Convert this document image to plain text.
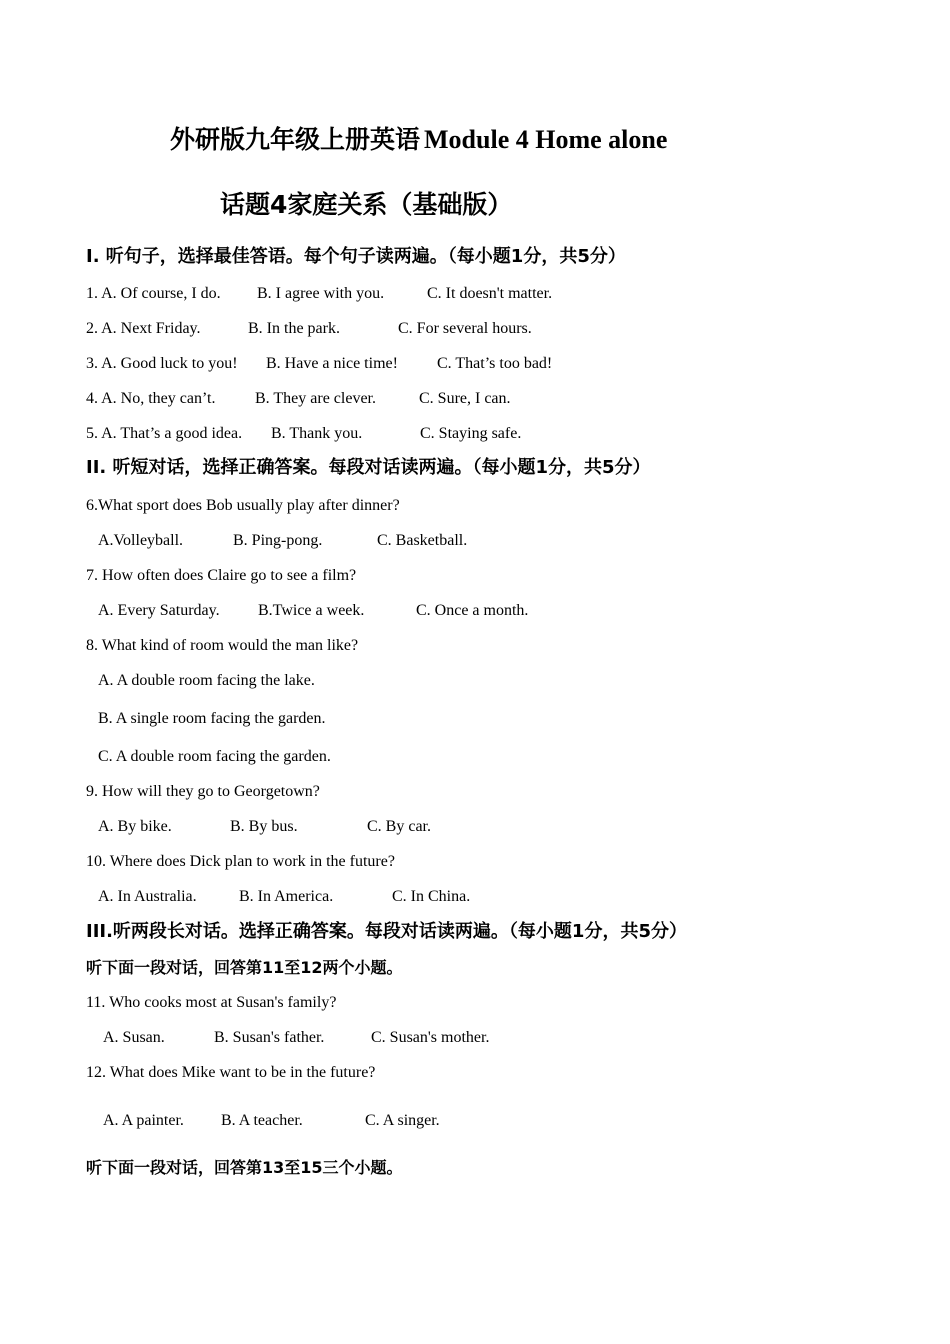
外研版九年级上册英语 Module 4 Home alone
话题4家庭关系（基础版）
I. 听句子，选择最佳答语。每个句子读两遍。（每小题1分，共5分）
1. A. Of course, I do. B. I agree with you.	C. It doesn't matter.
2. A. Next Friday.	B. In the park.	C. For several hours.
3. A. Good luck to you! B. Have a nice time! C. That’s too bad!
4. A. No, they can’t. B. They are clever.	C. Sure, I can.
5. A. That’s a good idea. B. Thank you.	C. Staying safe.
II. 听短对话，选择正确答案。每段对话读两遍。（每小题1分，共5分）
6.What sport does Bob usually play after dinner?
A.Volleyball.	B. Ping-pong.	C. Basketball.
7. How often does Claire go to see a film?
A. Every Saturday. B.Twice a week.	C. Once a month.
8. What kind of room would the man like?
A. A double room facing the lake.
B. A single room facing the garden.
C. A double room facing the garden.
9. How will they go to Georgetown?
A. By bike.	B. By bus.	C. By car.
10. Where does Dick plan to work in the future?
A. In Australia.	B. In America.	C. In China.
III.听两段长对话。选择正确答案。每段对话读两遍。（每小题1分，共5分）
听下面一段对话，回答第11至12两个小题。
11. Who cooks most at Susan's family?
A. Susan.	B. Susan's father.	C. Susan's mother.
12. What does Mike want to be in the future?
A. A painter. B. A teacher.	C. A singer.
听下面一段对话，回答第13至15三个小题。
